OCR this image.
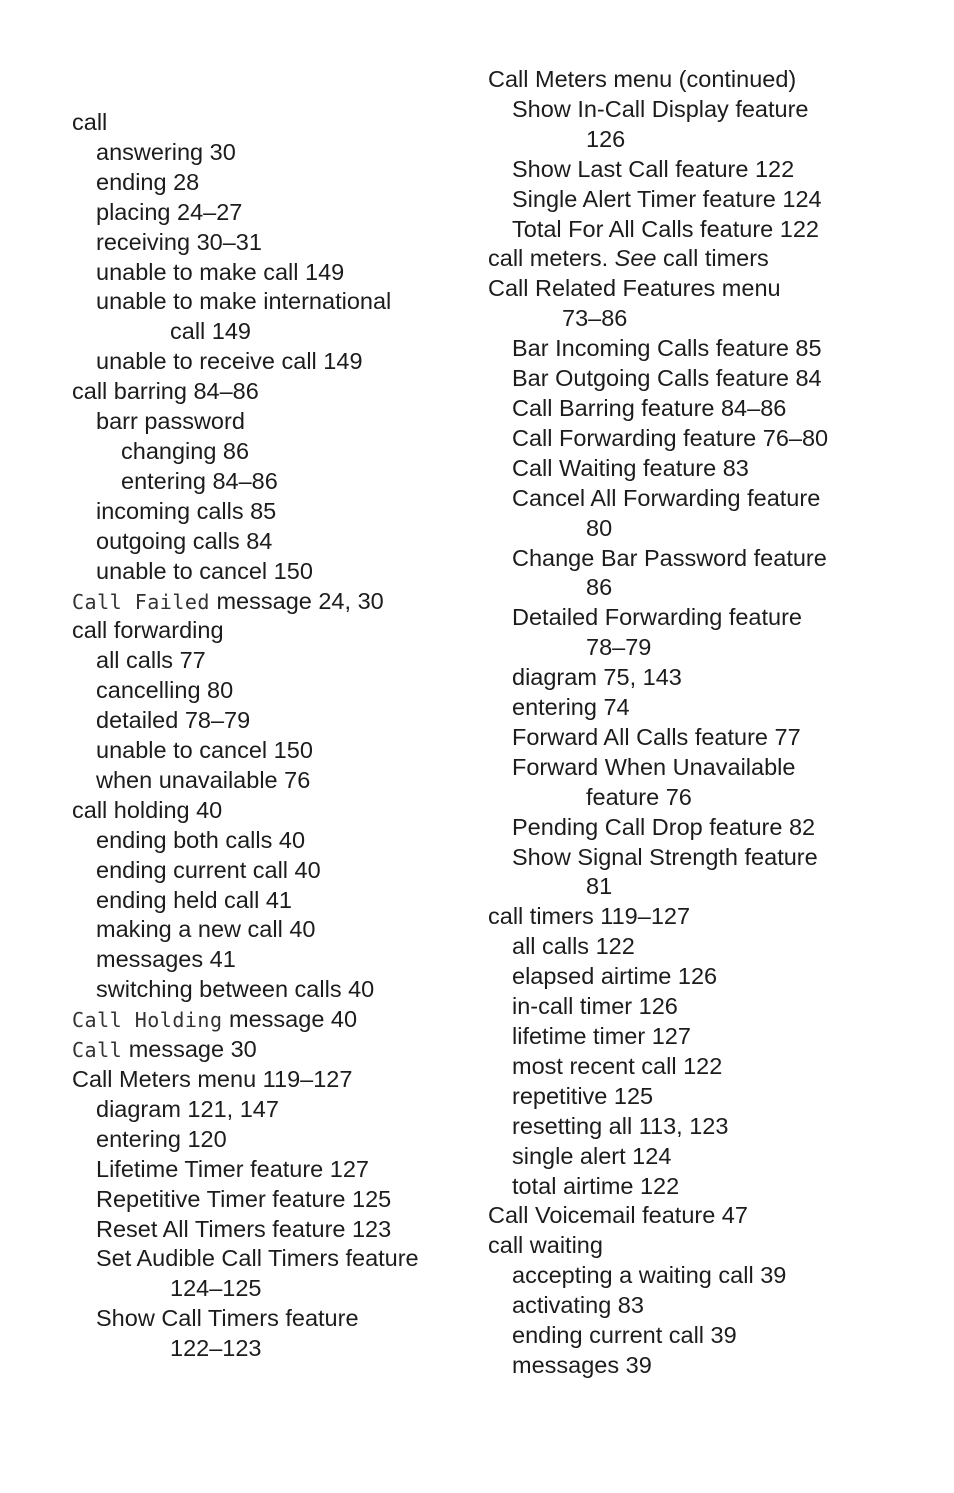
call
answering 30
ending 28
placing 24–27
receiving 30–31
unable to make call 149
unable to make international
call 149
unable to receive call 149
call barring 84–86
barr password
changing 86
entering 84–86
incoming calls 85
outgoing calls 84
unable to cancel 150
Call Failed message 24, 30
call forwarding
all calls 77
cancelling 80
detailed 78–79
unable to cancel 150
when unavailable 76
call holding 40
ending both calls 40
ending current call 40
ending held call 41
making a new call 40
messages 41
switching between calls 40
Call Holding message 40
Call message 30
Call Meters menu 119–127
diagram 121, 147
entering 120
Lifetime Timer feature 127
Repetitive Timer feature 125
Reset All Timers feature 123
Set Audible Call Timers feature
124–125
Show Call Timers feature
122–123
Call Meters menu (continued)
Show In-Call Display feature
126
Show Last Call feature 122
Single Alert Timer feature 124
Total For All Calls feature 122
call meters. See call timers
Call Related Features menu
73–86
Bar Incoming Calls feature 85
Bar Outgoing Calls feature 84
Call Barring feature 84–86
Call Forwarding feature 76–80
Call Waiting feature 83
Cancel All Forwarding feature
80
Change Bar Password feature
86
Detailed Forwarding feature
78–79
diagram 75, 143
entering 74
Forward All Calls feature 77
Forward When Unavailable
feature 76
Pending Call Drop feature 82
Show Signal Strength feature
81
call timers 119–127
all calls 122
elapsed airtime 126
in-call timer 126
lifetime timer 127
most recent call 122
repetitive 125
resetting all 113, 123
single alert 124
total airtime 122
Call Voicemail feature 47
call waiting
accepting a waiting call 39
activating 83
ending current call 39
messages 39
